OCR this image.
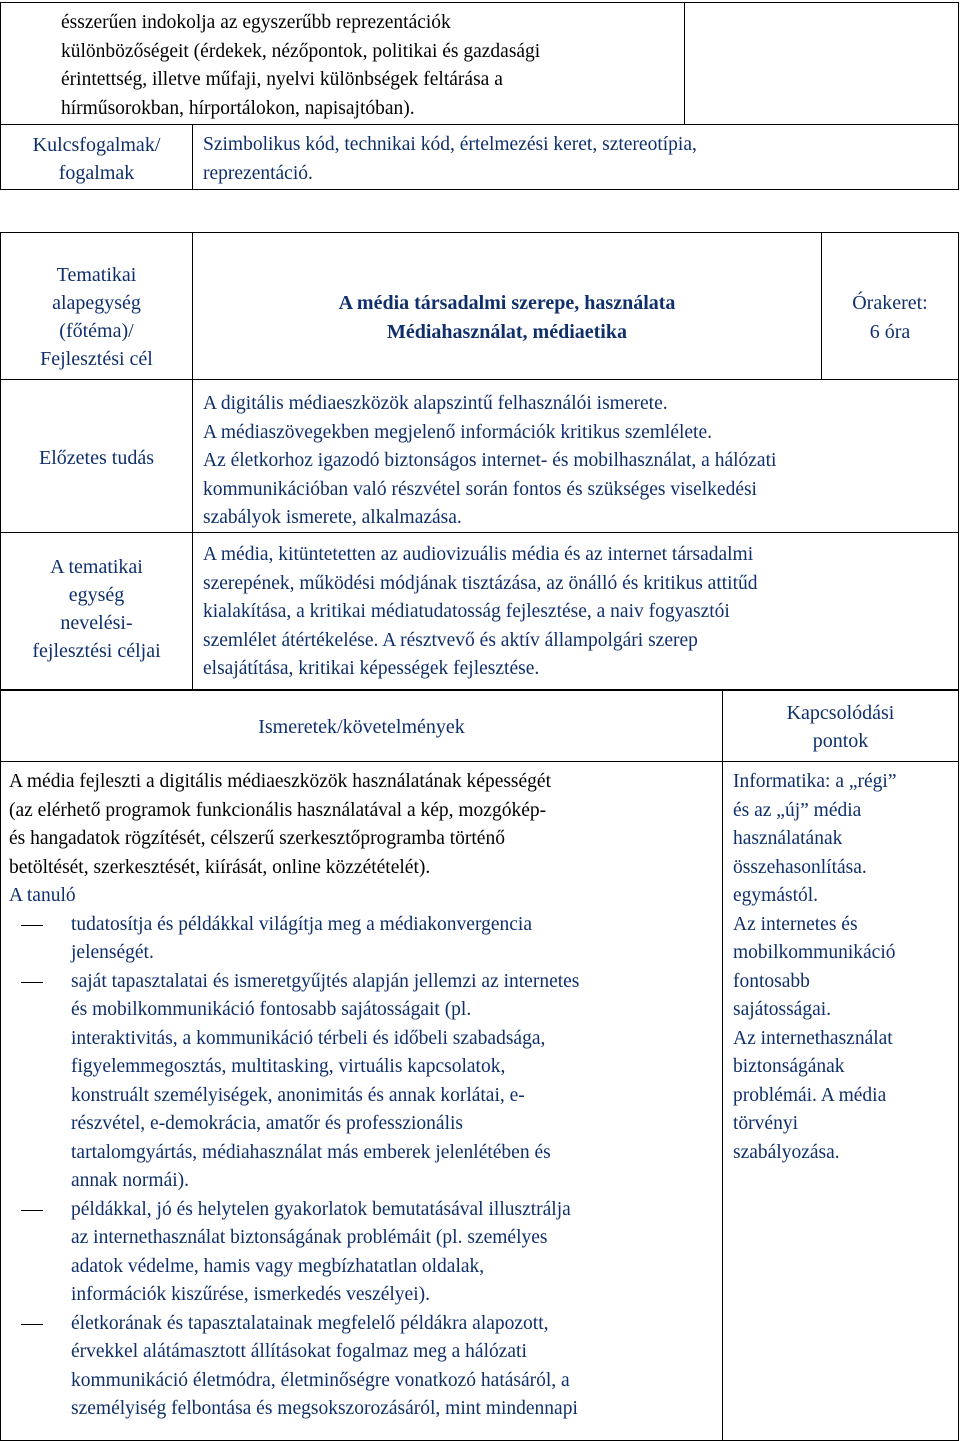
ésszerűen indokolja az egyszerűbb reprezentációk
különbözőségeit (érdekek, nézőpontok, politikai és gazdasági
érintettség, illetve műfaji, nyelvi különbségek feltárása a
hírműsorokban, hírportálokon, napisajtóban).
Kulcsfogalmak/
fogalmak
Szimbolikus kód, technikai kód, értelmezési keret, sztereotípia,
reprezentáció.
Tematikai
alapegység
(főtéma)/
Fejlesztési cél
A média társadalmi szerepe, használata
Médiahasználat, médiaetika
Órakeret:
6 óra
Előzetes tudás
A digitális médiaeszközök alapszintű felhasználói ismerete.
A médiaszövegekben megjelenő információk kritikus szemlélete.
Az életkorhoz igazodó biztonságos internet- és mobilhasználat, a hálózati
kommunikációban való részvétel során fontos és szükséges viselkedési
szabályok ismerete, alkalmazása.
A tematikai
egység
nevelési-
fejlesztési céljai
A média, kitüntetetten az audiovizuális média és az internet társadalmi
szerepének, működési módjának tisztázása, az önálló és kritikus attitűd
kialakítása, a kritikai médiatudatosság fejlesztése, a naiv fogyasztói
szemlélet átértékelése. A résztvevő és aktív állampolgári szerep
elsajátítása, kritikai képességek fejlesztése.
Ismeretek/követelmények
Kapcsolódási
pontok
A média fejleszti a digitális médiaeszközök használatának képességét
(az elérhető programok funkcionális használatával a kép, mozgókép-
és hangadatok rögzítését, célszerű szerkesztőprogramba történő
betöltését, szerkesztését, kiírását, online közzétételét).
A tanuló
tudatosítja és példákkal világítja meg a médiakonvergencia
jelenségét.
saját tapasztalatai és ismeretgyűjtés alapján jellemzi az internetes
és mobilkommunikáció fontosabb sajátosságait (pl.
interaktivitás, a kommunikáció térbeli és időbeli szabadsága,
figyelemmegosztás, multitasking, virtuális kapcsolatok,
konstruált személyiségek, anonimitás és annak korlátai, e-
részvétel, e-demokrácia, amatőr és professzionális
tartalomgyártás, médiahasználat más emberek jelenlétében és
annak normái).
példákkal, jó és helytelen gyakorlatok bemutatásával illusztrálja
az internethasználat biztonságának problémáit (pl. személyes
adatok védelme, hamis vagy megbízhatatlan oldalak,
információk kiszűrése, ismerkedés veszélyei).
életkorának és tapasztalatainak megfelelő példákra alapozott,
érvekkel alátámasztott állításokat fogalmaz meg a hálózati
kommunikáció életmódra, életminőségre vonatkozó hatásáról, a
személyiség felbontása és megsokszorozásáról, mint mindennapi
Informatika: a „régi”
és az „új” média
használatának
összehasonlítása.
egymástól.
Az internetes és
mobilkommunikáció
fontosabb
sajátosságai.
Az internethasználat
biztonságának
problémái. A média
törvényi
szabályozása.
